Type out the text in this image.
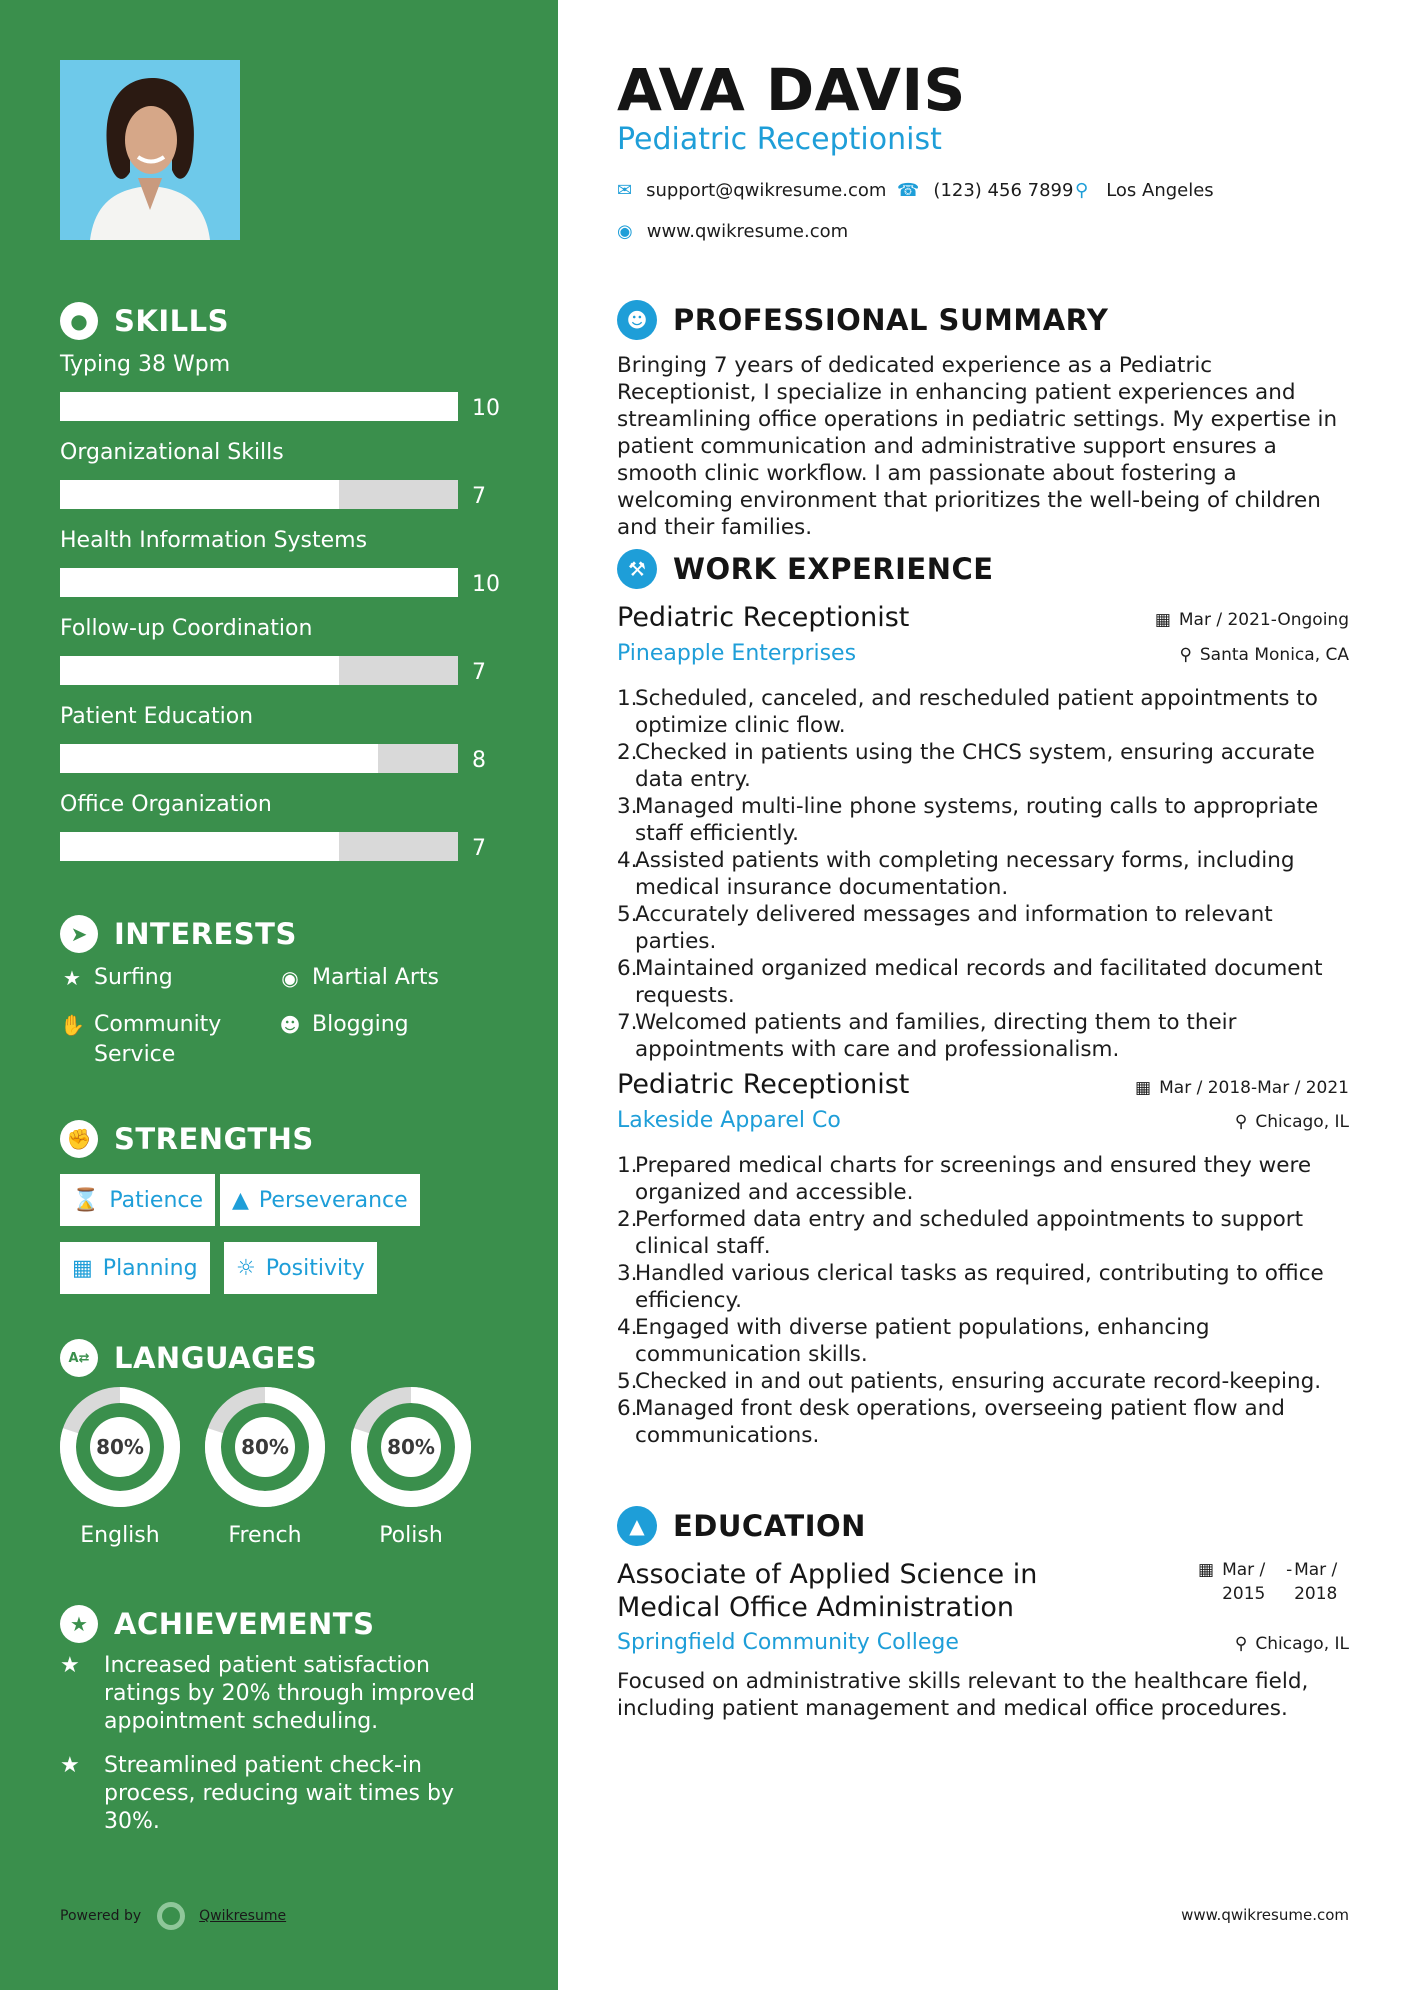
● SKILLS
Typing 38 Wpm
10
Organizational Skills
7
Health Information Systems
10
Follow-up Coordination
7
Patient Education
8
Office Organization
7
➤ INTERESTS
★ Surfing	◉ Martial Arts
✋ Community Service
☻ Blogging
✊ STRENGTHS
⌛ Patience ▲ Perseverance
▦ Planning ☼ Positivity
A⇄ LANGUAGES
80%
English
80%
French
80%
Polish
★ ACHIEVEMENTS
★	Increased patient satisfaction ratings by 20% through improved appointment scheduling.
★	Streamlined patient check-in process, reducing wait times by 30%.
Powered by	Qwikresume
AVA DAVIS
Pediatric Receptionist
✉ support@qwikresume.com ☎ (123) 456 7899 ⚲ Los Angeles
◉ www.qwikresume.com
☻ PROFESSIONAL SUMMARY
Bringing 7 years of dedicated experience as a Pediatric Receptionist, I specialize in enhancing patient experiences and streamlining office operations in pediatric settings. My expertise in patient communication and administrative support ensures a smooth clinic workflow. I am passionate about fostering a welcoming environment that prioritizes the well-being of children and their families.
⚒ WORK EXPERIENCE
Pediatric Receptionist	▦ Mar / 2021-Ongoing
Pineapple Enterprises	⚲ Santa Monica, CA
1.
Scheduled, canceled, and rescheduled patient appointments to optimize clinic flow.
2.
Checked in patients using the CHCS system, ensuring accurate data entry.
3.
Managed multi-line phone systems, routing calls to appropriate staff efficiently.
4.
Assisted patients with completing necessary forms, including medical insurance documentation.
5.
Accurately delivered messages and information to relevant parties.
6.
Maintained organized medical records and facilitated document requests.
7.
Welcomed patients and families, directing them to their appointments with care and professionalism.
Pediatric Receptionist	▦ Mar / 2018-Mar / 2021
Lakeside Apparel Co	⚲ Chicago, IL
1.
Prepared medical charts for screenings and ensured they were organized and accessible.
2.
Performed data entry and scheduled appointments to support clinical staff.
3.
Handled various clerical tasks as required, contributing to office efficiency.
4.
Engaged with diverse patient populations, enhancing communication skills.
5.
Checked in and out patients, ensuring accurate record-keeping.
6.
Managed front desk operations, overseeing patient flow and communications.
▲ EDUCATION
Associate of Applied Science in Medical Office Administration
▦ Mar / 2015
- Mar / 2018
Springfield Community College	⚲ Chicago, IL
Focused on administrative skills relevant to the healthcare field, including patient management and medical office procedures.
www.qwikresume.com
